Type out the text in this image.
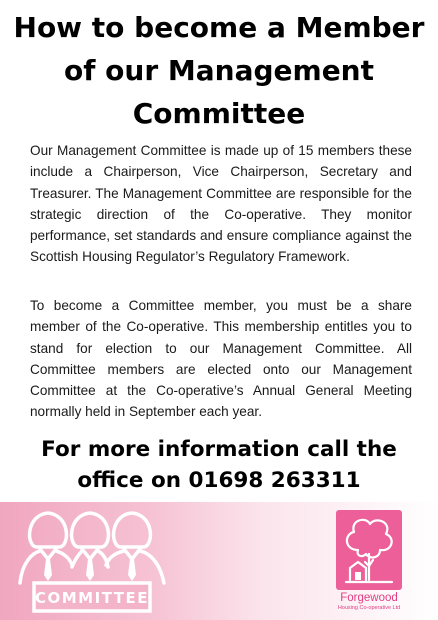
How to become a Member
of our Management
Committee

Our Management Committee is made up of 15 members these include a Chairperson, Vice Chairperson, Secretary and Treasurer. The Management Committee are responsible for the strategic direction of the Co-operative. They monitor performance, set standards and ensure compliance against the Scottish Housing Regulator’s Regulatory Framework.

To become a Committee member, you must be a share member of the Co-operative. This membership entitles you to stand for election to our Management Committee. All Committee members are elected onto our Management Committee at the Co-operative’s Annual General Meeting normally held in September each year.

For more information call the
office on 01698 263311
COMMITTEE	Forgewood
Housing Co-operative Ltd
